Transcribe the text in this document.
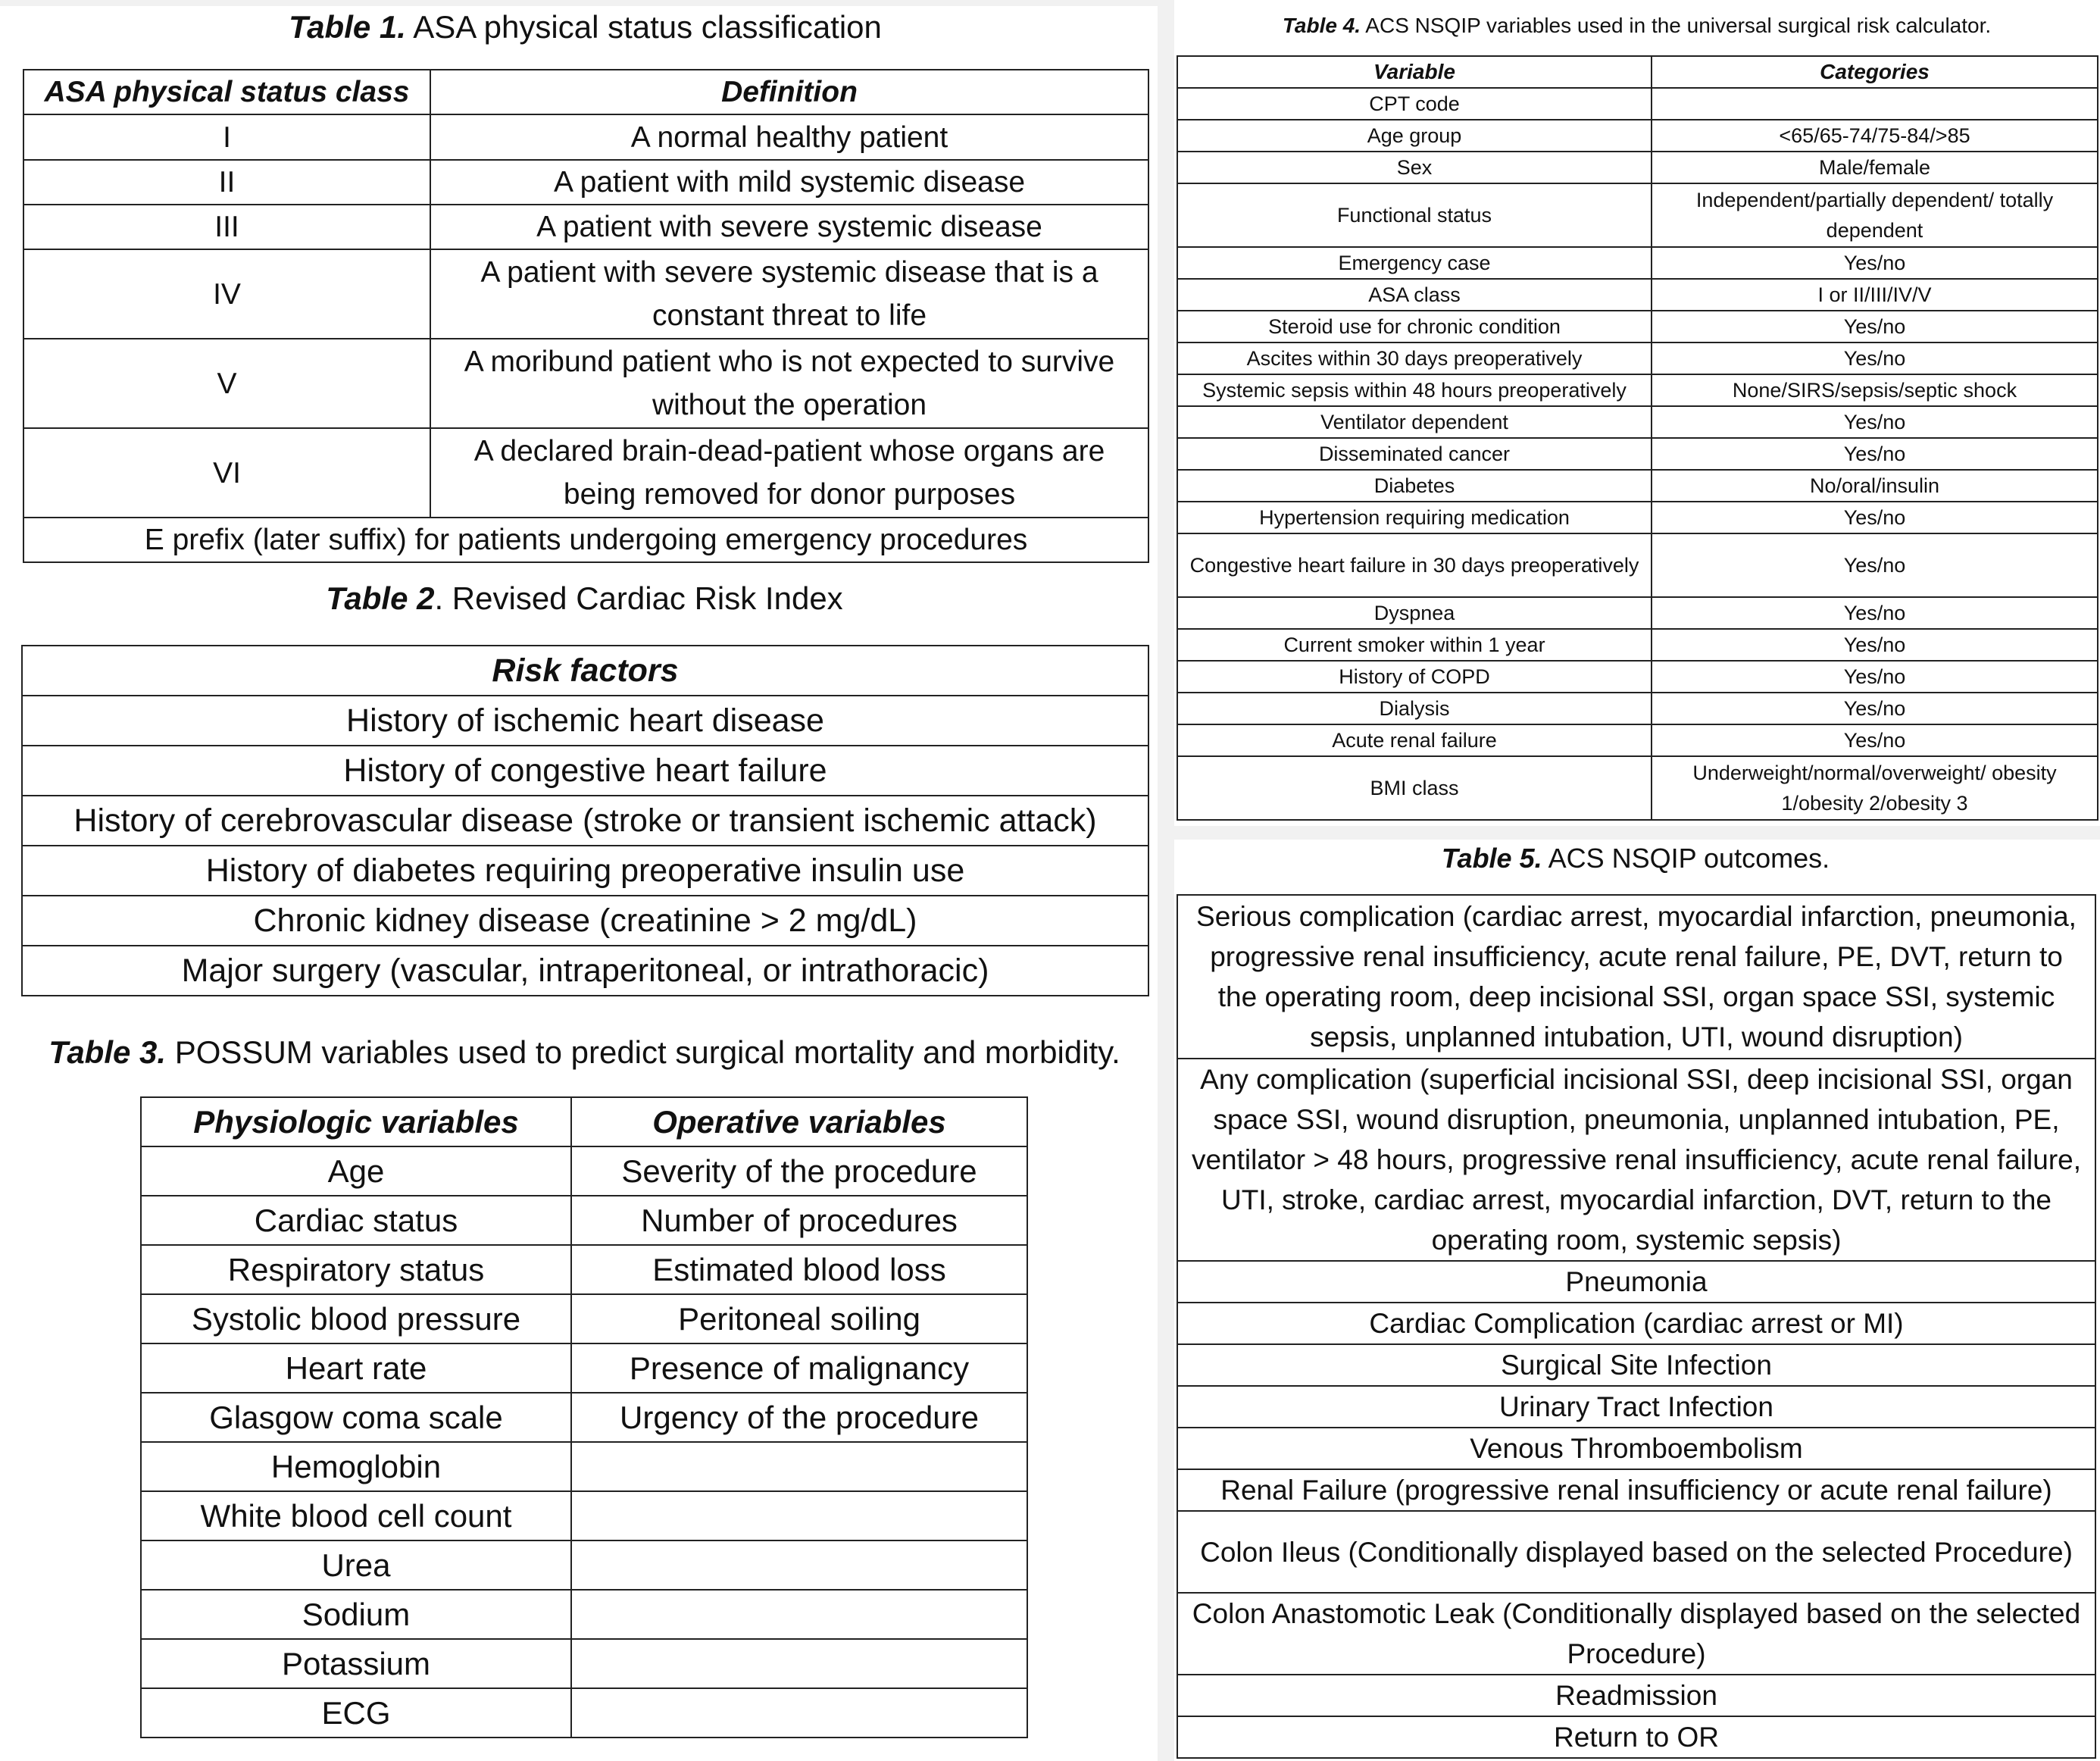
Table 1. ASA physical status classification
ASA physical status class	Definition
I	A normal healthy patient
II	A patient with mild systemic disease
III	A patient with severe systemic disease
IV	A patient with severe systemic disease that is a constant threat to life
V	A moribund patient who is not expected to survive without the operation
VI	A declared brain-dead-patient whose organs are being removed for donor purposes
E prefix (later suffix) for patients undergoing emergency procedures	
Table 2. Revised Cardiac Risk Index
Risk factors
History of ischemic heart disease
History of congestive heart failure
History of cerebrovascular disease (stroke or transient ischemic attack)
History of diabetes requiring preoperative insulin use
Chronic kidney disease (creatinine > 2 mg/dL)
Major surgery (vascular, intraperitoneal, or intrathoracic)
Table 3. POSSUM variables used to predict surgical mortality and morbidity.
Physiologic variables	Operative variables
Age	Severity of the procedure
Cardiac status	Number of procedures
Respiratory status	Estimated blood loss
Systolic blood pressure	Peritoneal soiling
Heart rate	Presence of malignancy
Glasgow coma scale	Urgency of the procedure
Hemoglobin	
White blood cell count	
Urea	
Sodium	
Potassium	
ECG	
Table 4. ACS NSQIP variables used in the universal surgical risk calculator.
Variable	Categories
CPT code	
Age group	<65/65-74/75-84/>85
Sex	Male/female
Functional status	Independent/partially dependent/ totally dependent
Emergency case	Yes/no
ASA class	I or II/III/IV/V
Steroid use for chronic condition	Yes/no
Ascites within 30 days preoperatively	Yes/no
Systemic sepsis within 48 hours preoperatively	None/SIRS/sepsis/septic shock
Ventilator dependent	Yes/no
Disseminated cancer	Yes/no
Diabetes	No/oral/insulin
Hypertension requiring medication	Yes/no
Congestive heart failure in 30 days preoperatively	Yes/no
Dyspnea	Yes/no
Current smoker within 1 year	Yes/no
History of COPD	Yes/no
Dialysis	Yes/no
Acute renal failure	Yes/no
BMI class	Underweight/normal/overweight/ obesity 1/obesity 2/obesity 3
Table 5. ACS NSQIP outcomes.
Serious complication (cardiac arrest, myocardial infarction, pneumonia, progressive renal insufficiency, acute renal failure, PE, DVT, return to the operating room, deep incisional SSI, organ space SSI, systemic sepsis, unplanned intubation, UTI, wound disruption)
Any complication (superficial incisional SSI, deep incisional SSI, organ space SSI, wound disruption, pneumonia, unplanned intubation, PE, ventilator > 48 hours, progressive renal insufficiency, acute renal failure, UTI, stroke, cardiac arrest, myocardial infarction, DVT, return to the operating room, systemic sepsis)
Pneumonia
Cardiac Complication (cardiac arrest or MI)
Surgical Site Infection
Urinary Tract Infection
Venous Thromboembolism
Renal Failure (progressive renal insufficiency or acute renal failure)
Colon Ileus (Conditionally displayed based on the selected Procedure)
Colon Anastomotic Leak (Conditionally displayed based on the selected Procedure)
Readmission
Return to OR
